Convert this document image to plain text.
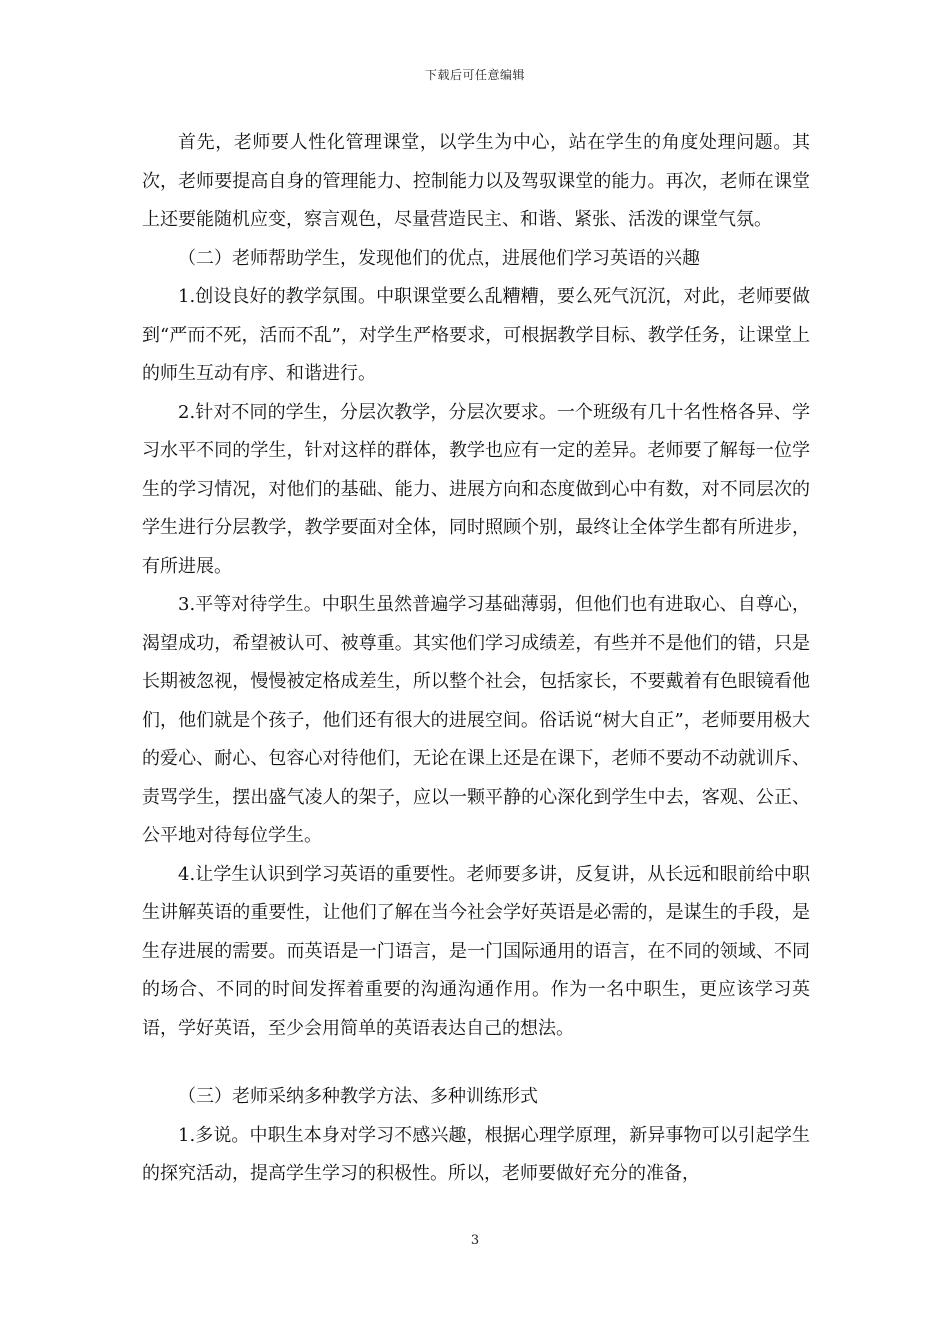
下载后可任意编辑

首先，老师要人性化管理课堂，以学生为中心，站在学生的角度处理问题。其次，老师要提高自身的管理能力、控制能力以及驾驭课堂的能力。再次，老师在课堂上还要能随机应变，察言观色，尽量营造民主、和谐、紧张、活泼的课堂气氛。

（二）老师帮助学生，发现他们的优点，进展他们学习英语的兴趣

1.创设良好的教学氛围。中职课堂要么乱糟糟，要么死气沉沉，对此，老师要做到“严而不死，活而不乱”，对学生严格要求，可根据教学目标、教学任务，让课堂上的师生互动有序、和谐进行。

2.针对不同的学生，分层次教学，分层次要求。一个班级有几十名性格各异、学习水平不同的学生，针对这样的群体，教学也应有一定的差异。老师要了解每一位学生的学习情况，对他们的基础、能力、进展方向和态度做到心中有数，对不同层次的学生进行分层教学，教学要面对全体，同时照顾个别，最终让全体学生都有所进步，有所进展。

3.平等对待学生。中职生虽然普遍学习基础薄弱，但他们也有进取心、自尊心，渴望成功，希望被认可、被尊重。其实他们学习成绩差，有些并不是他们的错，只是长期被忽视，慢慢被定格成差生，所以整个社会，包括家长，不要戴着有色眼镜看他们，他们就是个孩子，他们还有很大的进展空间。俗话说“树大自正”，老师要用极大的爱心、耐心、包容心对待他们，无论在课上还是在课下，老师不要动不动就训斥、责骂学生，摆出盛气凌人的架子，应以一颗平静的心深化到学生中去，客观、公正、公平地对待每位学生。

4.让学生认识到学习英语的重要性。老师要多讲，反复讲，从长远和眼前给中职生讲解英语的重要性，让他们了解在当今社会学好英语是必需的，是谋生的手段，是生存进展的需要。而英语是一门语言，是一门国际通用的语言，在不同的领域、不同的场合、不同的时间发挥着重要的沟通沟通作用。作为一名中职生，更应该学习英语，学好英语，至少会用简单的英语表达自己的想法。

（三）老师采纳多种教学方法、多种训练形式

1.多说。中职生本身对学习不感兴趣，根据心理学原理，新异事物可以引起学生的探究活动，提高学生学习的积极性。所以，老师要做好充分的准备，

3
